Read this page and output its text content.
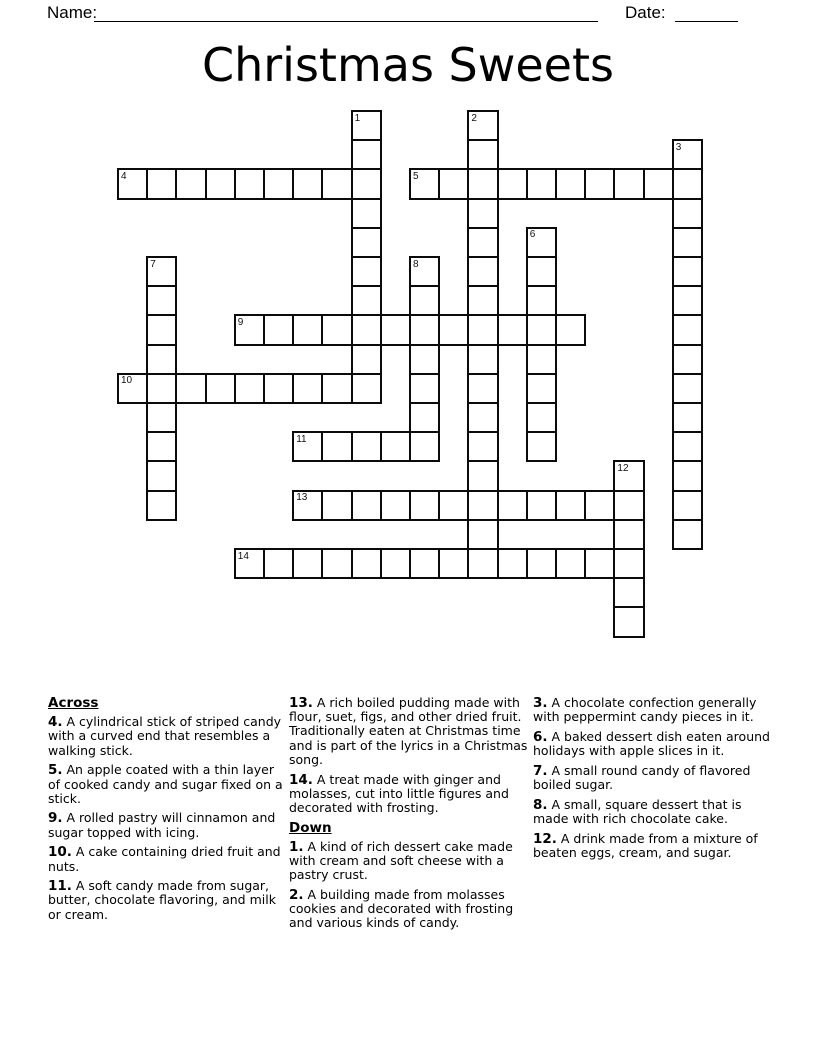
Name:	Date:
Christmas Sweets
1	2
3
4	5
6
7	8
9
10
11
12
13
14
Across

4. A cylindrical stick of striped candy with a curved end that resembles a walking stick.

5. An apple coated with a thin layer of cooked candy and sugar fixed on a stick.

9. A rolled pastry will cinnamon and sugar topped with icing.

10. A cake containing dried fruit and nuts.

11. A soft candy made from sugar, butter, chocolate flavoring, and milk or cream.

13. A rich boiled pudding made with flour, suet, figs, and other dried fruit. Traditionally eaten at Christmas time and is part of the lyrics in a Christmas song.

14. A treat made with ginger and molasses, cut into little figures and decorated with frosting.

Down

1. A kind of rich dessert cake made with cream and soft cheese with a pastry crust.

2. A building made from molasses cookies and decorated with frosting and various kinds of candy.

3. A chocolate confection generally with peppermint candy pieces in it.

6. A baked dessert dish eaten around holidays with apple slices in it.

7. A small round candy of flavored boiled sugar.

8. A small, square dessert that is made with rich chocolate cake.

12. A drink made from a mixture of beaten eggs, cream, and sugar.
